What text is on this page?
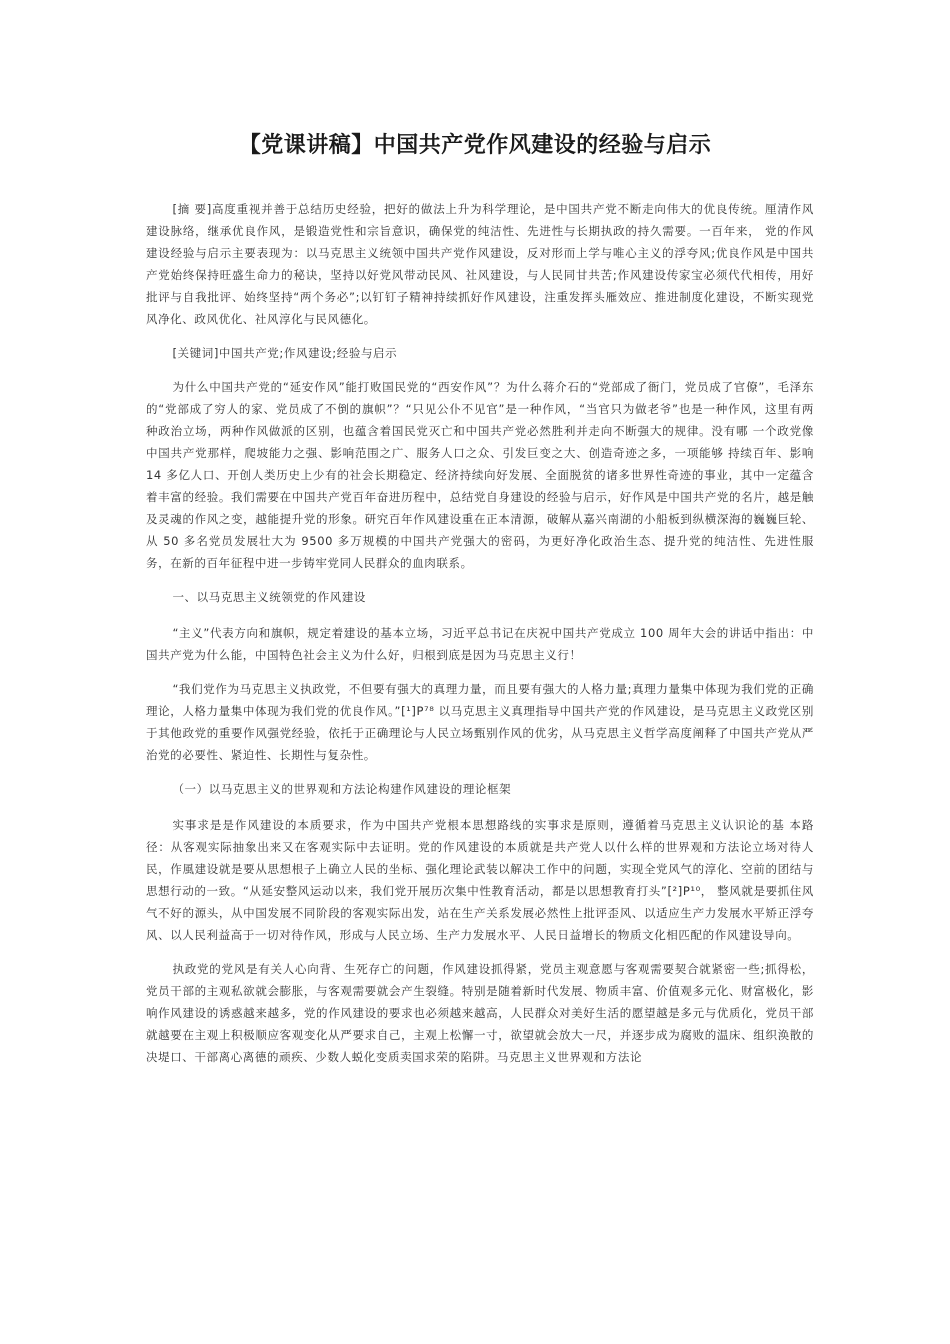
【党课讲稿】中国共产党作风建设的经验与启示

[摘 要]高度重视并善于总结历史经验，把好的做法上升为科学理论，是中国共产党不断走向伟大的优良传统。厘清作风建设脉络，继承优良作风，是锻造党性和宗旨意识，确保党的纯洁性、先进性与长期执政的持久需要。一百年来， 党的作风建设经验与启示主要表现为：以马克思主义统领中国共产党作风建设，反对形而上学与唯心主义的浮夸风;优良作风是中国共产党始终保持旺盛生命力的秘诀，坚持以好党风带动民风、社风建设，与人民同甘共苦;作风建设传家宝必须代代相传，用好批评与自我批评、始终坚持“两个务必”;以钉钉子精神持续抓好作风建设，注重发挥头雁效应、推进制度化建设，不断实现党风净化、政风优化、社风淳化与民风德化。

[关键词]中国共产党;作风建设;经验与启示

为什么中国共产党的“延安作风”能打败国民党的“西安作风”？为什么蒋介石的“党部成了衙门，党员成了官僚”，毛泽东的“党部成了穷人的家、党员成了不倒的旗帜”？“只见公仆不见官”是一种作风，“当官只为做老爷”也是一种作风，这里有两种政治立场，两种作风做派的区别，也蕴含着国民党灭亡和中国共产党必然胜利并走向不断强大的规律。没有哪 一个政党像中国共产党那样，爬坡能力之强、影响范围之广、服务人口之众、引发巨变之大、创造奇迹之多，一项能够 持续百年、影响 14 多亿人口、开创人类历史上少有的社会长期稳定、经济持续向好发展、全面脱贫的诸多世界性奇迹的事业，其中一定蕴含着丰富的经验。我们需要在中国共产党百年奋进历程中，总结党自身建设的经验与启示，好作风是中国共产党的名片，越是触及灵魂的作风之变，越能提升党的形象。研究百年作风建设重在正本清源，破解从嘉兴南湖的小船板到纵横深海的巍巍巨轮、从 50 多名党员发展壮大为 9500 多万规模的中国共产党强大的密码，为更好净化政治生态、提升党的纯洁性、先进性服务，在新的百年征程中进一步铸牢党同人民群众的血肉联系。

一、以马克思主义统领党的作风建设

“主义”代表方向和旗帜，规定着建设的基本立场，习近平总书记在庆祝中国共产党成立 100 周年大会的讲话中指出：中国共产党为什么能，中国特色社会主义为什么好，归根到底是因为马克思主义行！

“我们党作为马克思主义执政党，不但要有强大的真理力量，而且要有强大的人格力量;真理力量集中体现为我们党的正确理论，人格力量集中体现为我们党的优良作风。”[¹]P⁷⁸ 以马克思主义真理指导中国共产党的作风建设，是马克思主义政党区别于其他政党的重要作风强党经验，依托于正确理论与人民立场甄别作风的优劣，从马克思主义哲学高度阐释了中国共产党从严治党的必要性、紧迫性、长期性与复杂性。

（一）以马克思主义的世界观和方法论构建作风建设的理论框架

实事求是是作风建设的本质要求，作为中国共产党根本思想路线的实事求是原则，遵循着马克思主义认识论的基 本路径：从客观实际抽象出来又在客观实际中去证明。党的作风建设的本质就是共产党人以什么样的世界观和方法论立场对待人民，作風建设就是要从思想根子上确立人民的坐标、强化理论武装以解决工作中的问题，实现全党风气的淳化、空前的团结与思想行动的一致。“从延安整风运动以来，我们党开展历次集中性教育活动，都是以思想教育打头”[²]P¹⁰， 整风就是要抓住风气不好的源头，从中国发展不同阶段的客观实际出发，站在生产关系发展必然性上批评歪风、以适应生产力发展水平矫正浮夸风、以人民利益高于一切对待作风，形成与人民立场、生产力发展水平、人民日益增长的物质文化相匹配的作风建设导向。

执政党的党风是有关人心向背、生死存亡的问题，作风建设抓得紧，党员主观意愿与客观需要契合就紧密一些;抓得松，党员干部的主观私欲就会膨胀，与客观需要就会产生裂缝。特别是随着新时代发展、物质丰富、价值观多元化、财富极化，影响作风建设的诱惑越来越多，党的作风建设的要求也必须越来越高，人民群众对美好生活的愿望越是多元与优质化，党员干部就越要在主观上积极顺应客观变化从严要求自己，主观上松懈一寸，欲望就会放大一尺，并逐步成为腐败的温床、组织涣散的决堤口、干部离心离德的顽疾、少数人蜕化变质卖国求荣的陷阱。马克思主义世界观和方法论
